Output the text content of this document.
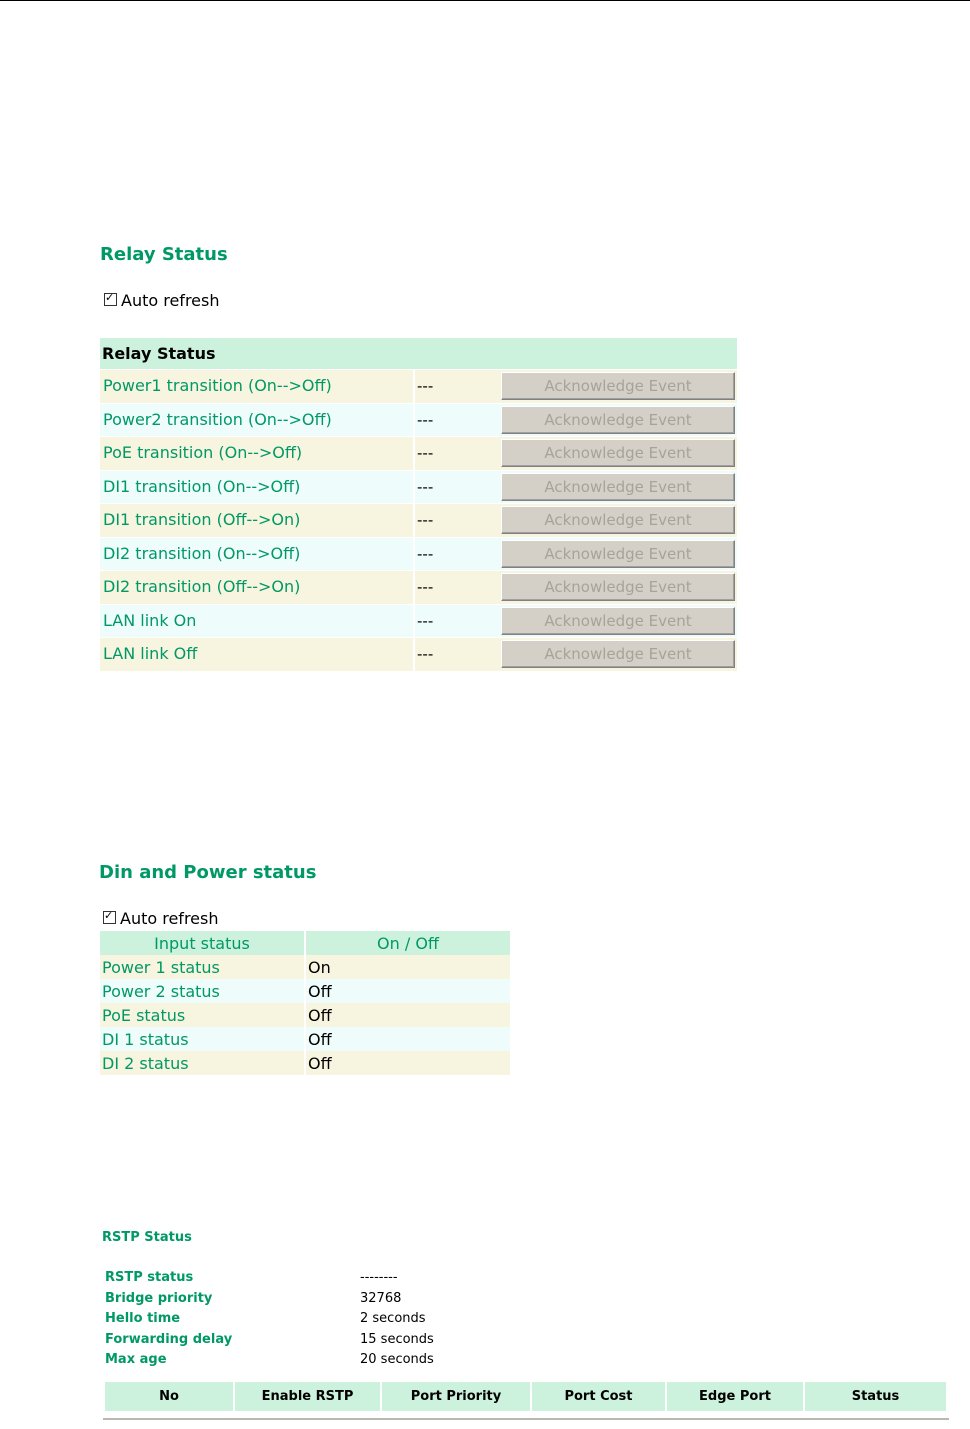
Relay Status
✓Auto refresh
Relay Status
Power1 transition (On-->Off)	---	Acknowledge Event
Power2 transition (On-->Off)	---	Acknowledge Event
PoE transition (On-->Off)	---	Acknowledge Event
DI1 transition (On-->Off)	---	Acknowledge Event
DI1 transition (Off-->On)	---	Acknowledge Event
DI2 transition (On-->Off)	---	Acknowledge Event
DI2 transition (Off-->On)	---	Acknowledge Event
LAN link On	---	Acknowledge Event
LAN link Off	---	Acknowledge Event
Din and Power status
✓Auto refresh
Input status		On / Off
Power 1 status		On
Power 2 status		Off
PoE status		Off
DI 1 status		Off
DI 2 status		Off
RSTP Status
RSTP status	--------
Bridge priority	32768
Hello time	2 seconds
Forwarding delay	15 seconds
Max age	20 seconds
No	Enable RSTP	Port Priority	Port Cost	Edge Port	Status
